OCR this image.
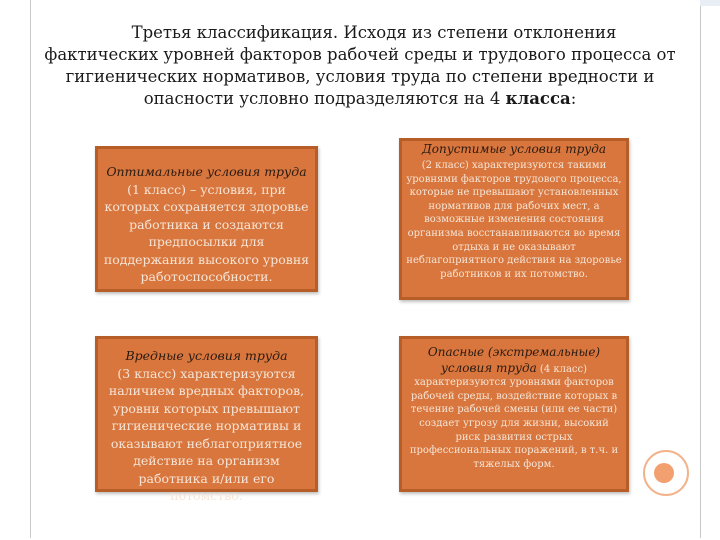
Третья классификация. Исходя из степени отклонения
фактических уровней факторов рабочей среды и трудового процесса от
гигиенических нормативов, условия труда по степени вредности и
опасности условно подразделяются на 4 класса:
Оптимальные условия труда (1 класс) – условия, при которых сохраняется здоровье работника и создаются предпосылки для поддержания высокого уровня работоспособности.
Допустимые условия труда
(2 класс) характеризуются такими уровнями факторов трудового процесса, которые не превышают установленных нормативов для рабочих мест, а возможные изменения состояния организма восстанавливаются во время отдыха и не оказывают неблагоприятного действия на здоровье работников и их потомство.
Вредные условия труда
(3 класс) характеризуются наличием вредных факторов, уровни которых превышают гигиенические нормативы и оказывают неблагоприятное действие на организм работника и/или его потомство.
Опасные (экстремальные) условия труда (4 класс) характеризуются уровнями факторов рабочей среды, воздействие которых в течение рабочей смены (или ее части) создает угрозу для жизни, высокий риск развития острых профессиональных поражений, в т.ч. и тяжелых форм.
